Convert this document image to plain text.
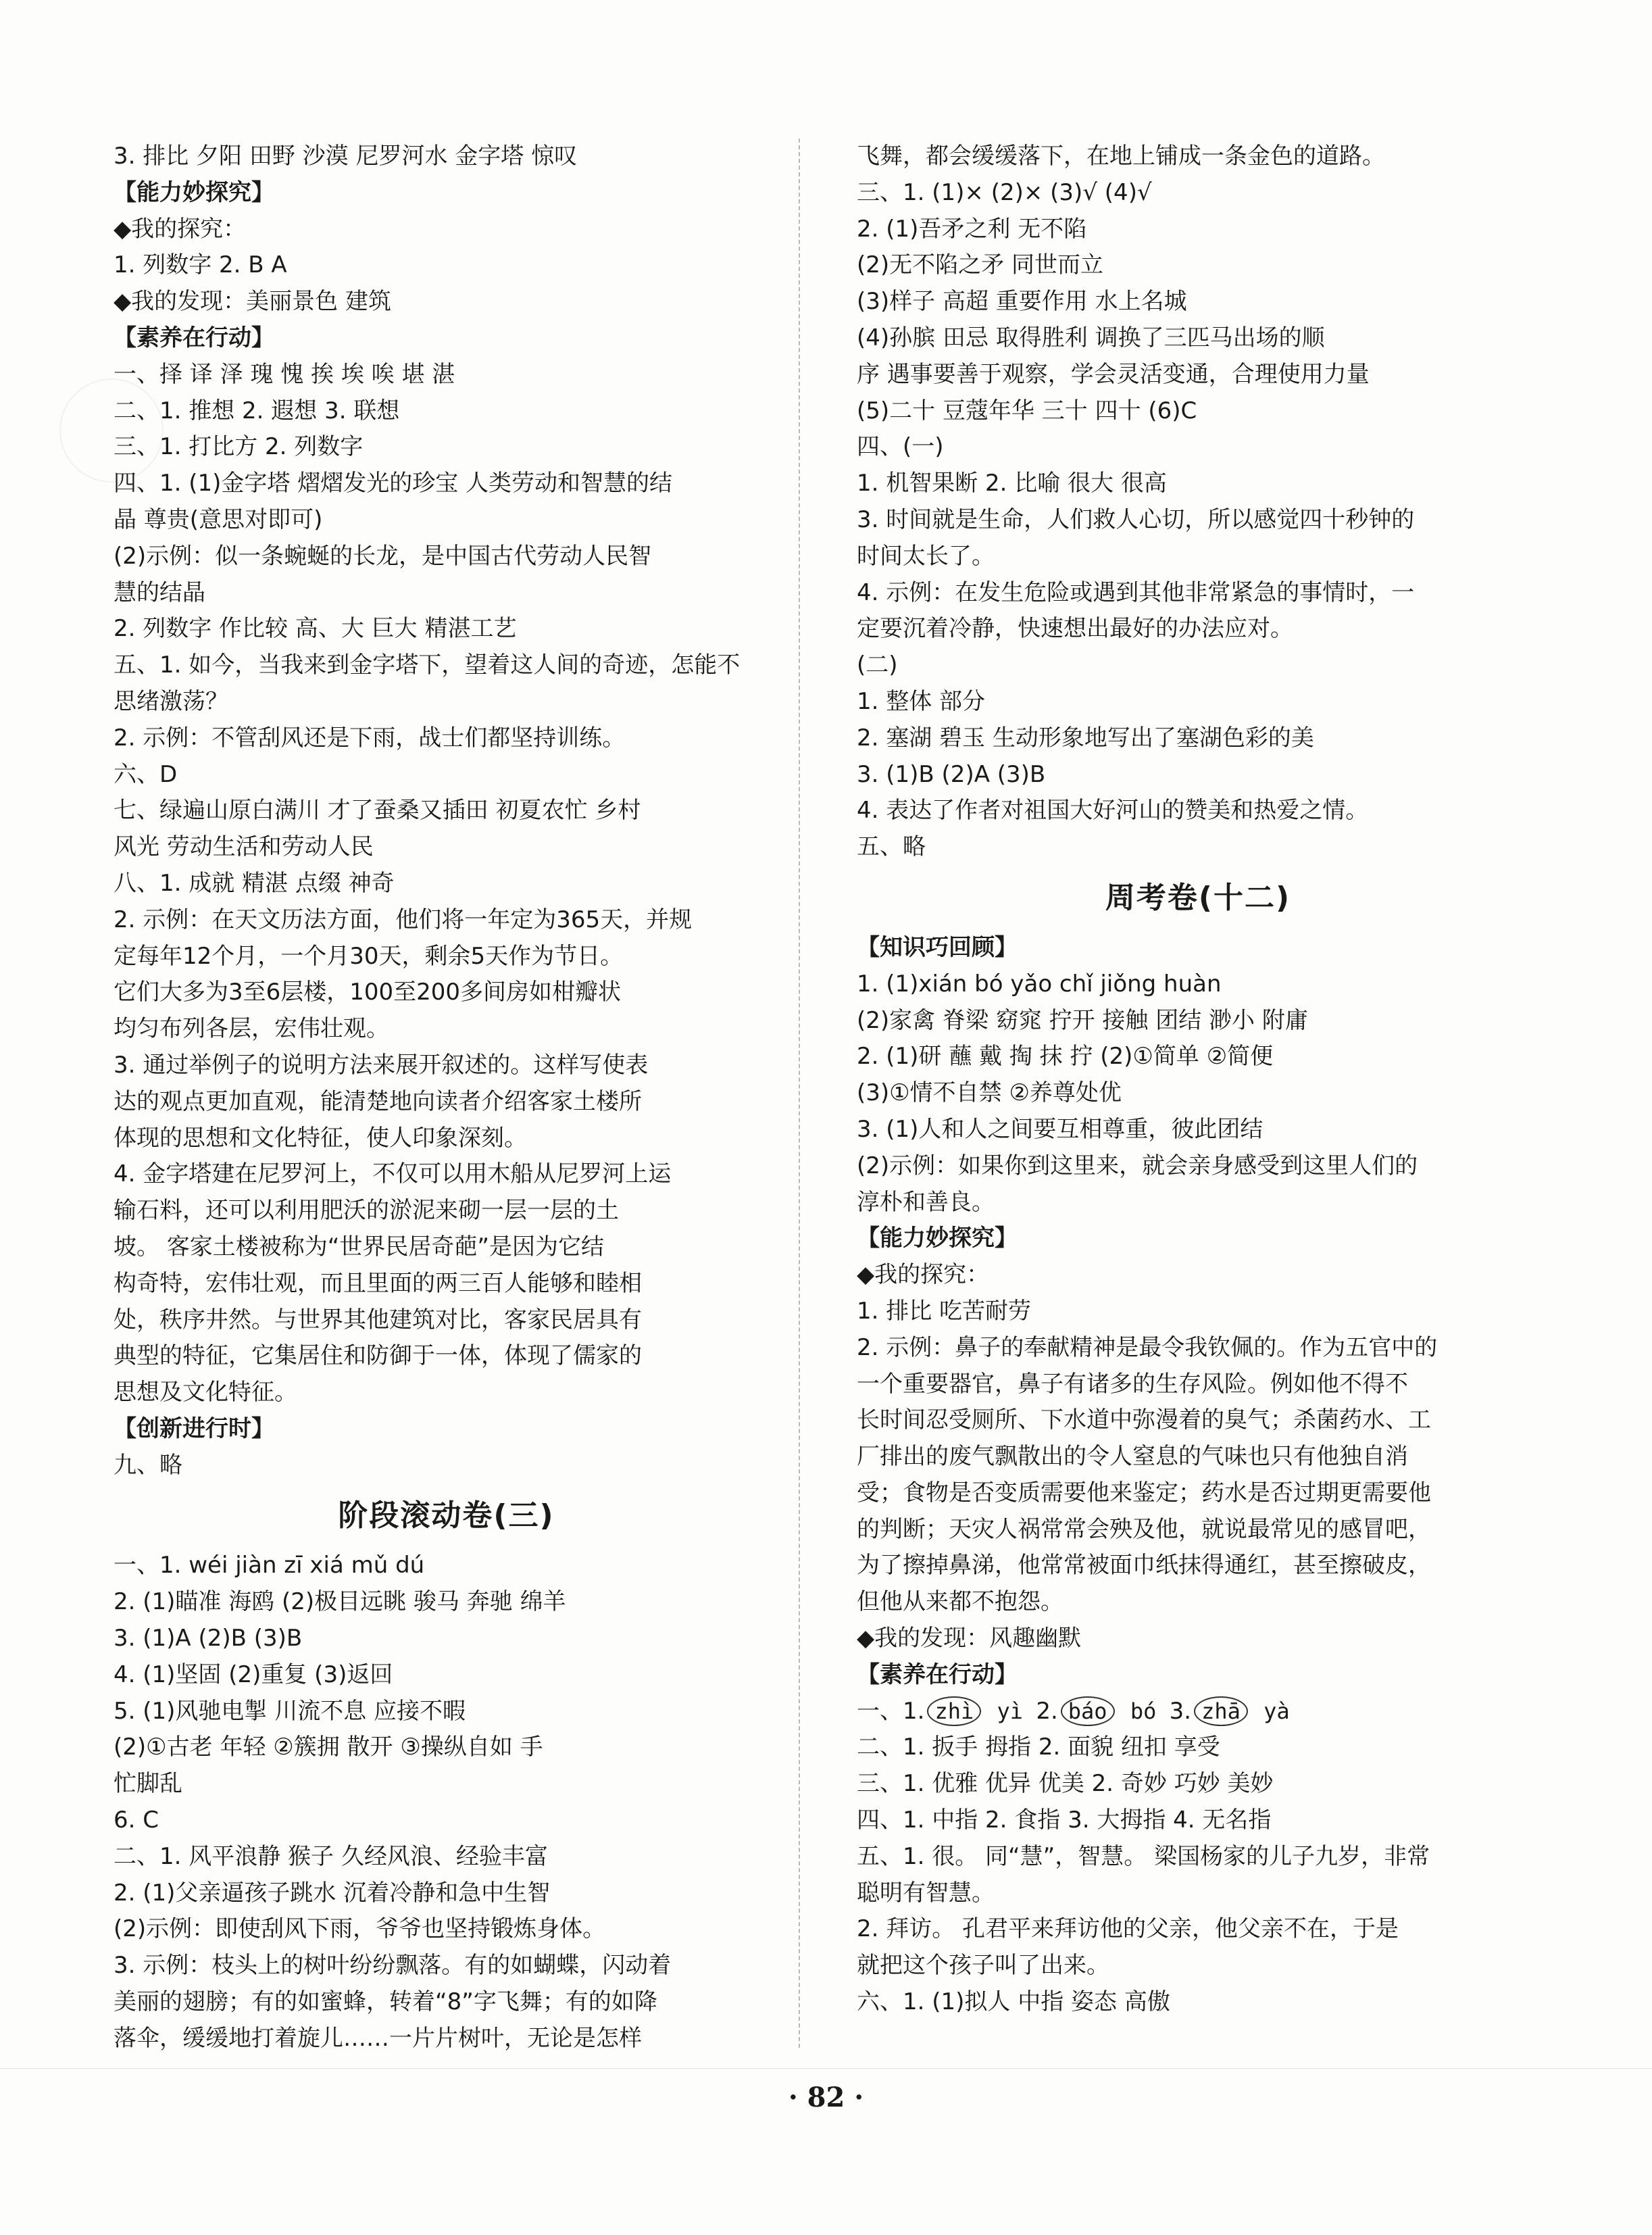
3. 排比 夕阳 田野 沙漠 尼罗河水 金字塔 惊叹
【能力妙探究】
◆我的探究：
1. 列数字 2. B A
◆我的发现：美丽景色 建筑
【素养在行动】
一、择 译 泽 瑰 愧 挨 埃 唉 堪 湛
二、1. 推想 2. 遐想 3. 联想
三、1. 打比方 2. 列数字
四、1. (1)金字塔 熠熠发光的珍宝 人类劳动和智慧的结
晶 尊贵(意思对即可)
(2)示例：似一条蜿蜒的长龙，是中国古代劳动人民智
慧的结晶
2. 列数字 作比较 高、大 巨大 精湛工艺
五、1. 如今，当我来到金字塔下，望着这人间的奇迹，怎能不
思绪激荡？
2. 示例：不管刮风还是下雨，战士们都坚持训练。
六、D
七、绿遍山原白满川 才了蚕桑又插田 初夏农忙 乡村
风光 劳动生活和劳动人民
八、1. 成就 精湛 点缀 神奇
2. 示例：在天文历法方面，他们将一年定为365天，并规
定每年12个月，一个月30天，剩余5天作为节日。
它们大多为3至6层楼，100至200多间房如柑瓣状
均匀布列各层，宏伟壮观。
3. 通过举例子的说明方法来展开叙述的。这样写使表
达的观点更加直观，能清楚地向读者介绍客家土楼所
体现的思想和文化特征，使人印象深刻。
4. 金字塔建在尼罗河上，不仅可以用木船从尼罗河上运
输石料，还可以利用肥沃的淤泥来砌一层一层的土
坡。 客家土楼被称为“世界民居奇葩”是因为它结
构奇特，宏伟壮观，而且里面的两三百人能够和睦相
处，秩序井然。与世界其他建筑对比，客家民居具有
典型的特征，它集居住和防御于一体，体现了儒家的
思想及文化特征。
【创新进行时】
九、略
阶段滚动卷(三)
一、1. wéi jiàn zī xiá mǔ dú
2. (1)瞄准 海鸥 (2)极目远眺 骏马 奔驰 绵羊
3. (1)A (2)B (3)B
4. (1)坚固 (2)重复 (3)返回
5. (1)风驰电掣 川流不息 应接不暇
(2)①古老 年轻 ②簇拥 散开 ③操纵自如 手
忙脚乱
6. C
二、1. 风平浪静 猴子 久经风浪、经验丰富
2. (1)父亲逼孩子跳水 沉着冷静和急中生智
(2)示例：即使刮风下雨，爷爷也坚持锻炼身体。
3. 示例：枝头上的树叶纷纷飘落。有的如蝴蝶，闪动着
美丽的翅膀；有的如蜜蜂，转着“8”字飞舞；有的如降
落伞，缓缓地打着旋儿……一片片树叶，无论是怎样
飞舞，都会缓缓落下，在地上铺成一条金色的道路。
三、1. (1)× (2)× (3)√ (4)√
2. (1)吾矛之利 无不陷
(2)无不陷之矛 同世而立
(3)样子 高超 重要作用 水上名城
(4)孙膑 田忌 取得胜利 调换了三匹马出场的顺
序 遇事要善于观察，学会灵活变通，合理使用力量
(5)二十 豆蔻年华 三十 四十 (6)C
四、(一)
1. 机智果断 2. 比喻 很大 很高
3. 时间就是生命，人们救人心切，所以感觉四十秒钟的
时间太长了。
4. 示例：在发生危险或遇到其他非常紧急的事情时，一
定要沉着冷静，快速想出最好的办法应对。
(二)
1. 整体 部分
2. 塞湖 碧玉 生动形象地写出了塞湖色彩的美
3. (1)B (2)A (3)B
4. 表达了作者对祖国大好河山的赞美和热爱之情。
五、略
周考卷(十二)
【知识巧回顾】
1. (1)xián bó yǎo chǐ jiǒng huàn
(2)家禽 脊梁 窈窕 拧开 接触 团结 渺小 附庸
2. (1)研 蘸 戴 掏 抹 拧 (2)①简单 ②简便
(3)①情不自禁 ②养尊处优
3. (1)人和人之间要互相尊重，彼此团结
(2)示例：如果你到这里来，就会亲身感受到这里人们的
淳朴和善良。
【能力妙探究】
◆我的探究：
1. 排比 吃苦耐劳
2. 示例：鼻子的奉献精神是最令我钦佩的。作为五官中的
一个重要器官，鼻子有诸多的生存风险。例如他不得不
长时间忍受厕所、下水道中弥漫着的臭气；杀菌药水、工
厂排出的废气飘散出的令人窒息的气味也只有他独自消
受；食物是否变质需要他来鉴定；药水是否过期更需要他
的判断；天灾人祸常常会殃及他，就说最常见的感冒吧，
为了擦掉鼻涕，他常常被面巾纸抹得通红，甚至擦破皮，
但他从来都不抱怨。
◆我的发现：风趣幽默
【素养在行动】
一、1. zhì yì 2. báo bó 3. zhā yà
二、1. 扳手 拇指 2. 面貌 纽扣 享受
三、1. 优雅 优异 优美 2. 奇妙 巧妙 美妙
四、1. 中指 2. 食指 3. 大拇指 4. 无名指
五、1. 很。 同“慧”，智慧。 梁国杨家的儿子九岁，非常
聪明有智慧。
2. 拜访。 孔君平来拜访他的父亲，他父亲不在，于是
就把这个孩子叫了出来。
六、1. (1)拟人 中指 姿态 高傲
· 82 ·
